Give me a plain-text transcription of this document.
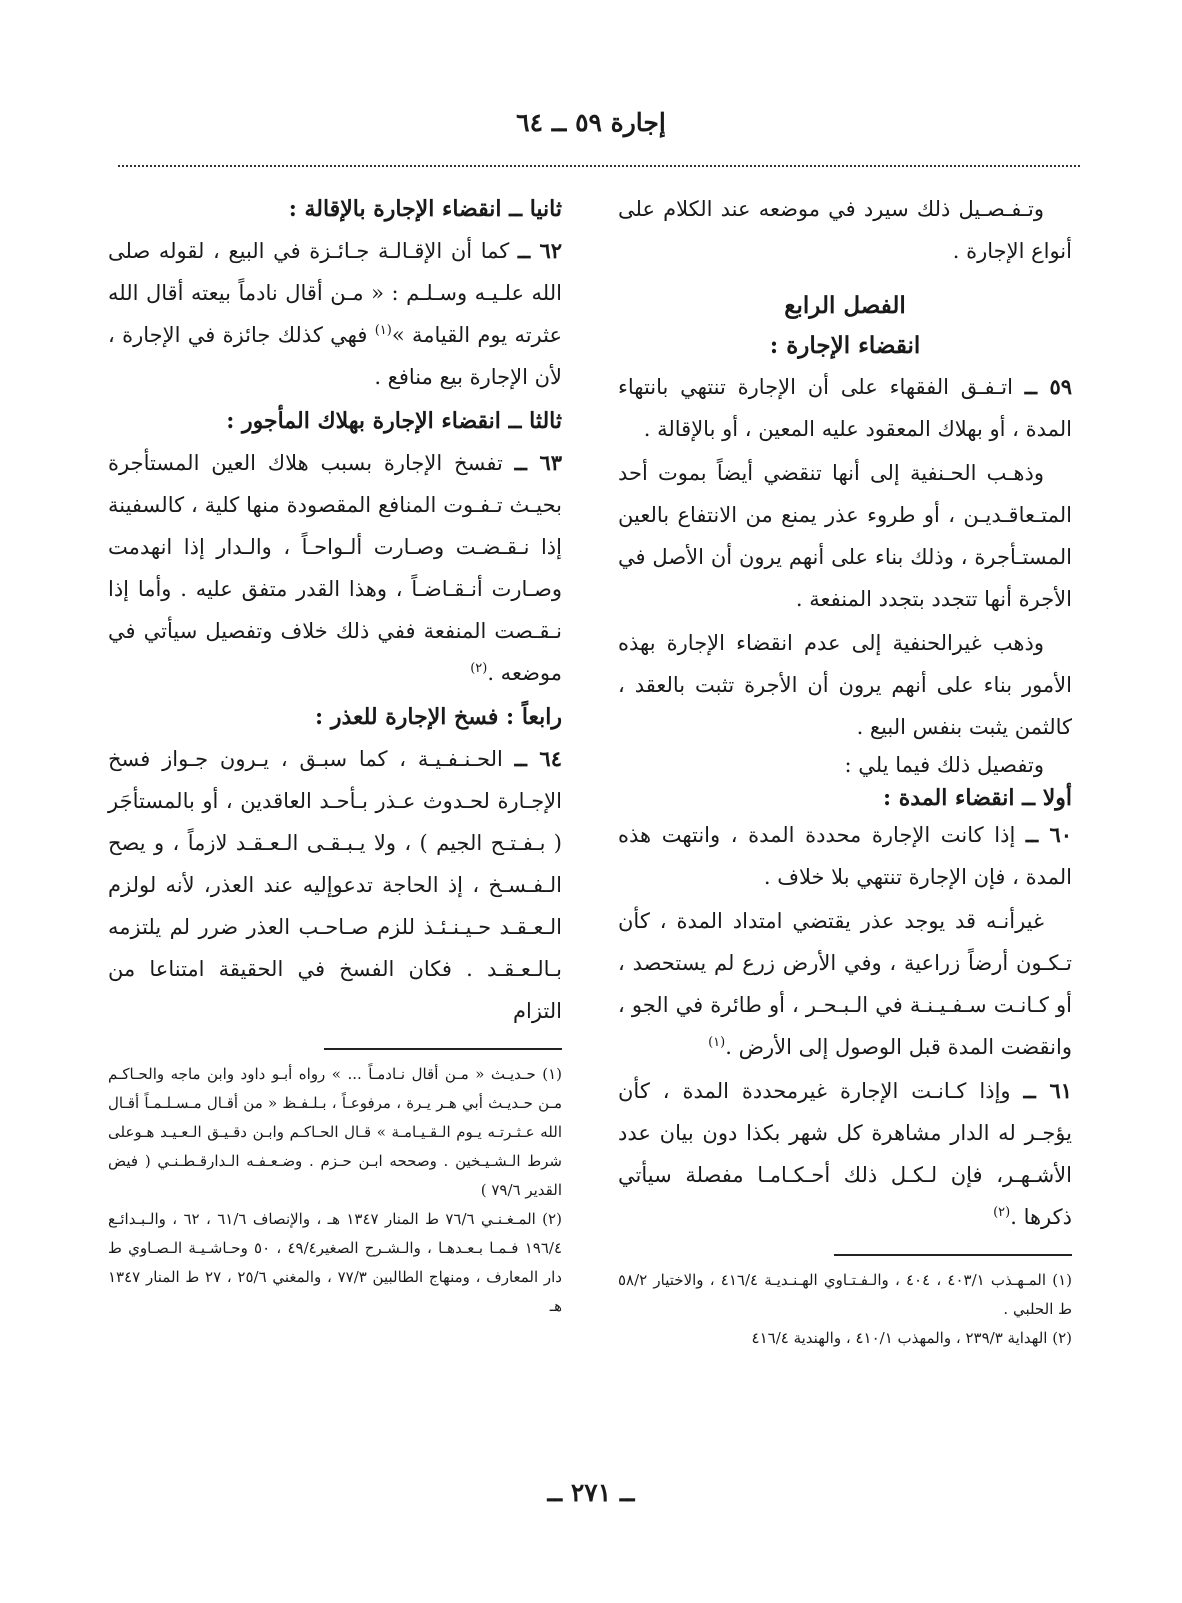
إجارة ٥٩ ــ ٦٤

وتـفـصـيل ذلك سيرد في موضعه عند الكلام على أنواع الإجارة .

الفصل الرابع
انقضاء الإجارة :

٥٩ ــ اتـفـق الفقهاء على أن الإجارة تنتهي بانتهاء المدة ، أو بهلاك المعقود عليه المعين ، أو بالإقالة .

وذهـب الحـنفية إلى أنها تنقضي أيضاً بموت أحد المتـعاقـديـن ، أو طروء عذر يمنع من الانتفاع بالعين المستـأجرة ، وذلك بناء على أنهم يرون أن الأصل في الأجرة أنها تتجدد بتجدد المنفعة .

وذهب غيرالحنفية إلى عدم انقضاء الإجارة بهذه الأمور بناء على أنهم يرون أن الأجرة تثبت بالعقد ، كالثمن يثبت بنفس البيع .

وتفصيل ذلك فيما يلي :

أولا ــ انقضاء المدة :

٦٠ ــ إذا كانت الإجارة محددة المدة ، وانتهت هذه المدة ، فإن الإجارة تنتهي بلا خلاف .

غيرأنـه قد يوجد عذر يقتضي امتداد المدة ، كأن تـكـون أرضاً زراعية ، وفي الأرض زرع لم يستحصد ، أو كـانـت سـفـيـنـة في الـبـحـر ، أو طائرة في الجو ، وانقضت المدة قبل الوصول إلى الأرض .$^{(١)}$

٦١ ــ وإذا كـانـت الإجارة غيرمحددة المدة ، كأن يؤجـر له الدار مشاهرة كل شهر بكذا دون بيان عدد الأشـهـر، فإن لـكـل ذلك أحـكـامـا مفصلة سيأتي ذكرها .$^{(٢)}$

(١) المـهـذب ٤٠٣/١ ، ٤٠٤ ، والـفـتـاوي الهـنـديـة ٤١٦/٤ ، والاختيار ٥٨/٢ ط الحلبي .

(٢) الهداية ٢٣٩/٣ ، والمهذب ٤١٠/١ ، والهندية ٤١٦/٤

ثانيا ــ انقضاء الإجارة بالإقالة :

٦٢ ــ كما أن الإقـالـة جـائـزة في البيع ، لقوله صلى الله علـيـه وسـلـم : « مـن أقال نادماً بيعته أقال الله عثرته يوم القيامة »$^{(١)}$ فهي كذلك جائزة في الإجارة ، لأن الإجارة بيع منافع .

ثالثا ــ انقضاء الإجارة بهلاك المأجور :

٦٣ ــ تفسخ الإجارة بسبب هلاك العين المستأجرة بحيـث تـفـوت المنافع المقصودة منها كلية ، كالسفينة إذا نـقـضـت وصـارت ألـواحـاً ، والـدار إذا انهدمت وصـارت أنـقـاضـاً ، وهذا القدر متفق عليه . وأما إذا نـقـصت المنفعة ففي ذلك خلاف وتفصيل سيأتي في موضعه .$^{(٢)}$

رابعاً : فسخ الإجارة للعذر :

٦٤ ــ الحـنـفـيـة ، كما سبـق ، يـرون جـواز فسخ الإجـارة لحـدوث عـذر بـأحـد العاقدين ، أو بالمستأجَر ( بـفـتـح الجيم ) ، ولا يـبـقـى الـعـقـد لازماً ، و يصح الـفـسـخ ، إذ الحاجة تدعوإليه عند العذر، لأنه لولزم الـعـقـد حـيـنـئـذ للزم صـاحـب العذر ضرر لم يلتزمه بـالـعـقـد . فكان الفسخ في الحقيقة امتناعا من التزام

(١) حـديـث « مـن أقال نـادمـاً ... » رواه أبـو داود وابن ماجه والحـاكـم مـن حـديـث أبي هـر يـرة ، مرفوعـاً ، بـلـفـظ « من أقـال مـسـلـمـاً أقـال الله عـثـرتـه يـوم الـقـيـامـة » قـال الحـاكـم وابـن دقـيـق الـعـيـد هـوعلى شرط الـشـيـخين . وصححه ابـن حـزم . وضـعـفـه الـدارقـطـنـي ( فيض القدير ٧٩/٦ )

(٢) المـغـنـي ٧٦/٦ ط المنار ١٣٤٧ هـ ، والإنصاف ٦١/٦ ، ٦٢ ، والـبـدائـع ١٩٦/٤ فـمـا بـعـدهـا ، والـشـرح الصغير٤٩/٤ ، ٥٠ وحـاشـيـة الـصـاوي ط دار المعارف ، ومنهاج الطالبين ٧٧/٣ ، والمغني ٢٥/٦ ، ٢٧ ط المنار ١٣٤٧ هـ

ــ ٢٧١ ــ
